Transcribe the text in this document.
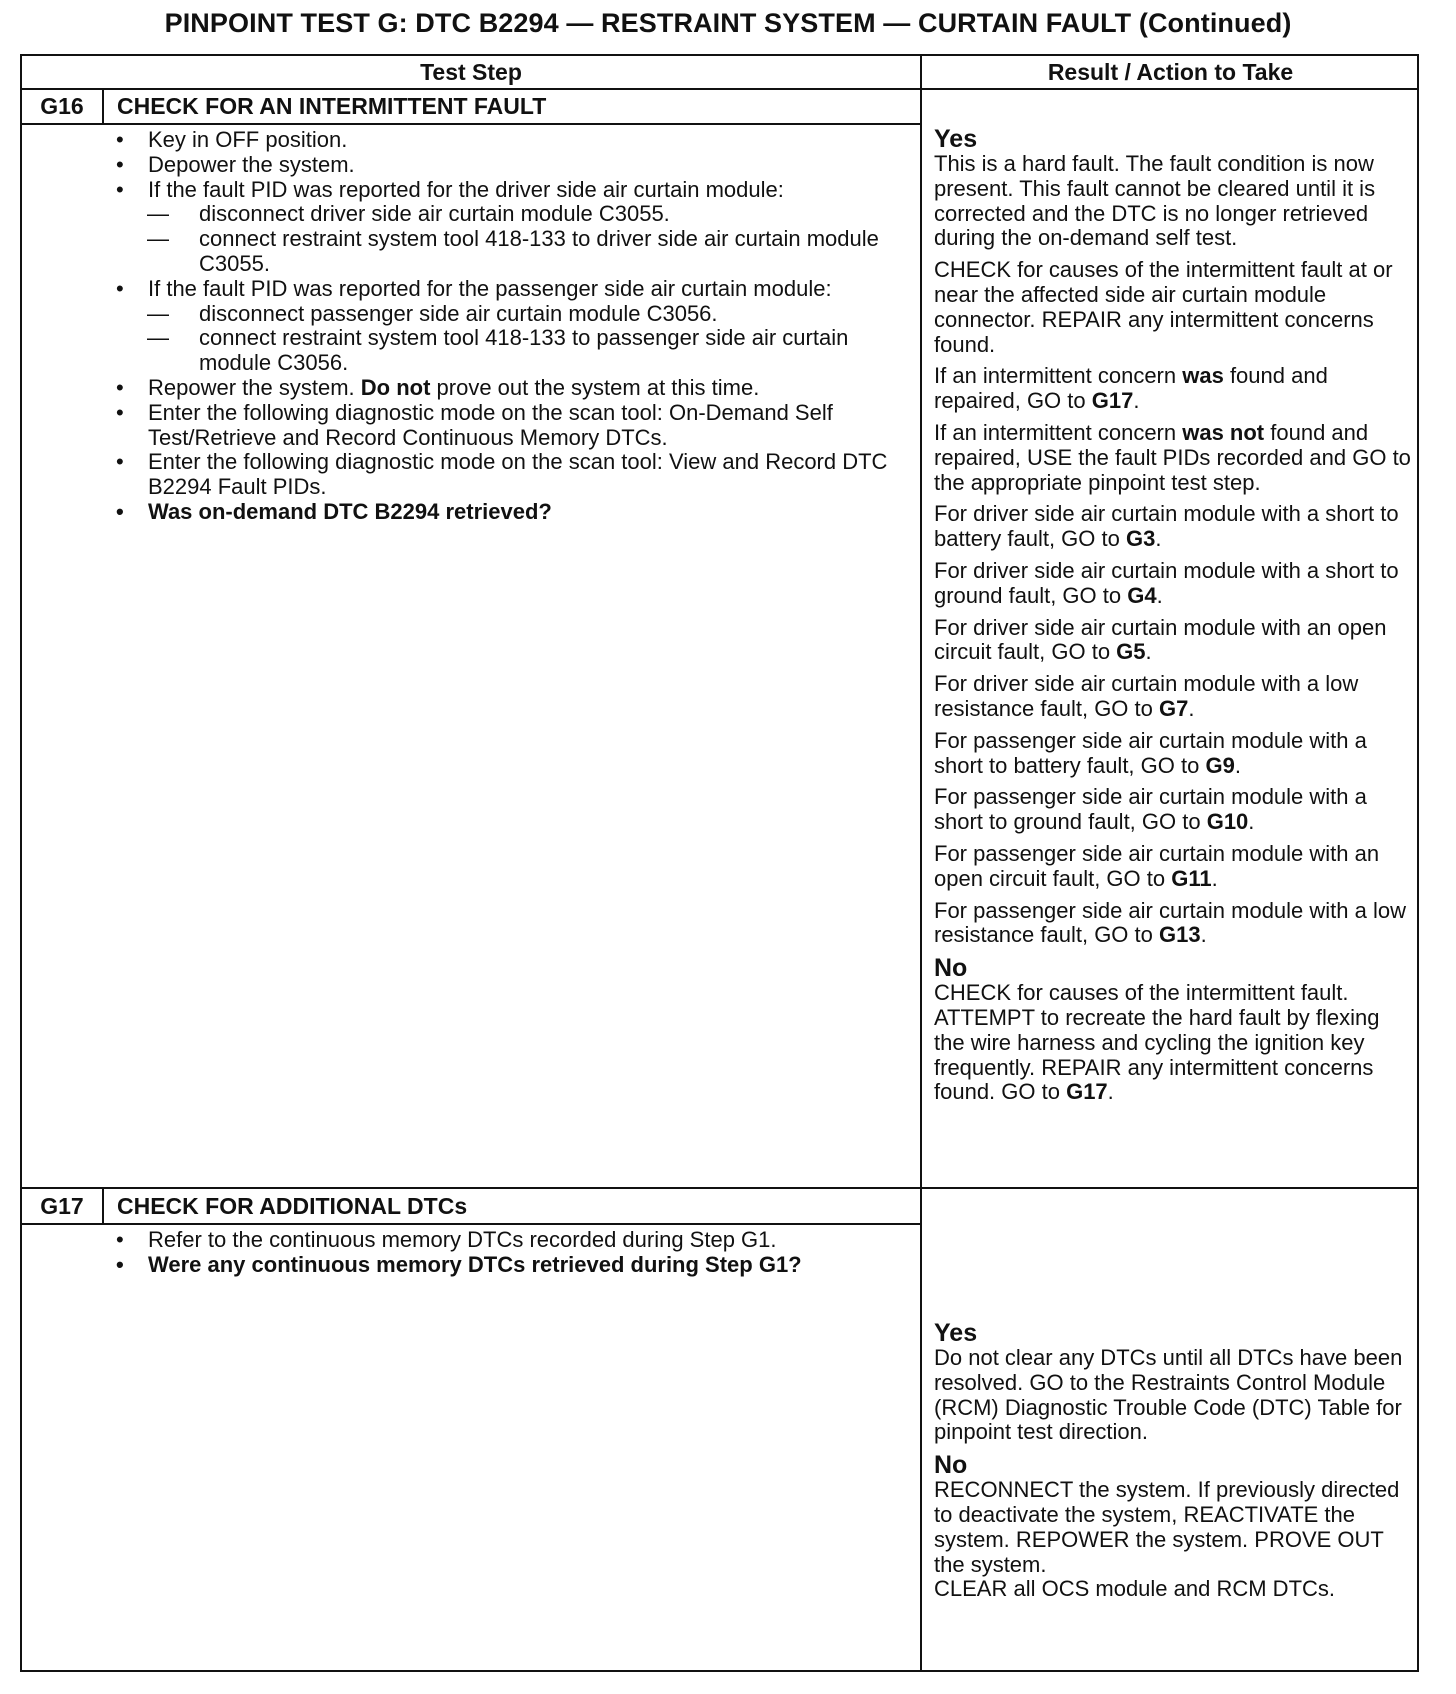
PINPOINT TEST G: DTC B2294 — RESTRAINT SYSTEM — CURTAIN FAULT (Continued)
Test Step	Result / Action to Take
G16	CHECK FOR AN INTERMITTENT FAULT
• Key in OFF position.
• Depower the system.
• If the fault PID was reported for the driver side air curtain module:
— disconnect driver side air curtain module C3055.
— connect restraint system tool 418-133 to driver side air curtain module C3055.
• If the fault PID was reported for the passenger side air curtain module:
— disconnect passenger side air curtain module C3056.
— connect restraint system tool 418-133 to passenger side air curtain module C3056.
• Repower the system. Do not prove out the system at this time.
• Enter the following diagnostic mode on the scan tool: On-Demand Self Test/Retrieve and Record Continuous Memory DTCs.
• Enter the following diagnostic mode on the scan tool: View and Record DTC B2294 Fault PIDs.
• Was on-demand DTC B2294 retrieved?
Yes

This is a hard fault. The fault condition is now present. This fault cannot be cleared until it is corrected and the DTC is no longer retrieved during the on-demand self test.

CHECK for causes of the intermittent fault at or near the affected side air curtain module connector. REPAIR any intermittent concerns found.

If an intermittent concern was found and repaired, GO to G17.

If an intermittent concern was not found and repaired, USE the fault PIDs recorded and GO to the appropriate pinpoint test step.

For driver side air curtain module with a short to battery fault, GO to G3.

For driver side air curtain module with a short to ground fault, GO to G4.

For driver side air curtain module with an open circuit fault, GO to G5.

For driver side air curtain module with a low resistance fault, GO to G7.

For passenger side air curtain module with a short to battery fault, GO to G9.

For passenger side air curtain module with a short to ground fault, GO to G10.

For passenger side air curtain module with an open circuit fault, GO to G11.

For passenger side air curtain module with a low resistance fault, GO to G13.

No

CHECK for causes of the intermittent fault. ATTEMPT to recreate the hard fault by flexing the wire harness and cycling the ignition key frequently. REPAIR any intermittent concerns found. GO to G17.

G17	CHECK FOR ADDITIONAL DTCs
• Refer to the continuous memory DTCs recorded during Step G1.
• Were any continuous memory DTCs retrieved during Step G1?
Yes

Do not clear any DTCs until all DTCs have been resolved. GO to the Restraints Control Module (RCM) Diagnostic Trouble Code (DTC) Table for pinpoint test direction.

No

RECONNECT the system. If previously directed to deactivate the system, REACTIVATE the system. REPOWER the system. PROVE OUT the system.

CLEAR all OCS module and RCM DTCs.
